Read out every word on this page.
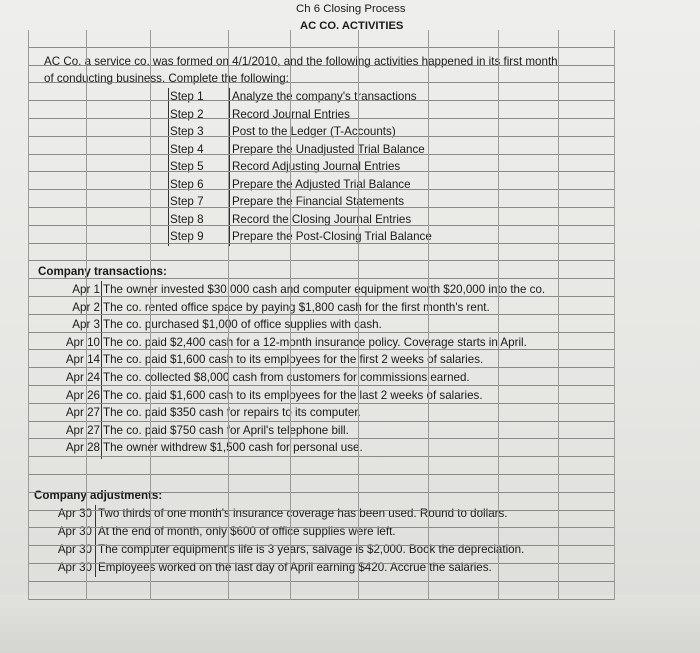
Ch 6 Closing Process
AC CO. ACTIVITIES
AC Co. a service co. was formed on 4/1/2010, and the following activities happened in its first month
of conducting business. Complete the following:
Step 1 Analyze the company's transactions
Step 2 Record Journal Entries
Step 3 Post to the Ledger (T-Accounts)
Step 4 Prepare the Unadjusted Trial Balance
Step 5 Record Adjusting Journal Entries
Step 6 Prepare the Adjusted Trial Balance
Step 7 Prepare the Financial Statements
Step 8 Record the Closing Journal Entries
Step 9 Prepare the Post-Closing Trial Balance
Company transactions:
Apr 1 The owner invested $30,000 cash and computer equipment worth $20,000 into the co.
Apr 2 The co. rented office space by paying $1,800 cash for the first month's rent.
Apr 3 The co. purchased $1,000 of office supplies with cash.
Apr 10 The co. paid $2,400 cash for a 12-month insurance policy. Coverage starts in April.
Apr 14 The co. paid $1,600 cash to its employees for the first 2 weeks of salaries.
Apr 24 The co. collected $8,000 cash from customers for commissions earned.
Apr 26 The co. paid $1,600 cash to its employees for the last 2 weeks of salaries.
Apr 27 The co. paid $350 cash for repairs to its computer.
Apr 27 The co. paid $750 cash for April's telephone bill.
Apr 28 The owner withdrew $1,500 cash for personal use.
Company adjustments:
Apr 30 Two thirds of one month's insurance coverage has been used. Round to dollars.
Apr 30 At the end of month, only $600 of office supplies were left.
Apr 30 The computer equipment's life is 3 years, salvage is $2,000. Book the depreciation.
Apr 30 Employees worked on the last day of April earning $420. Accrue the salaries.
